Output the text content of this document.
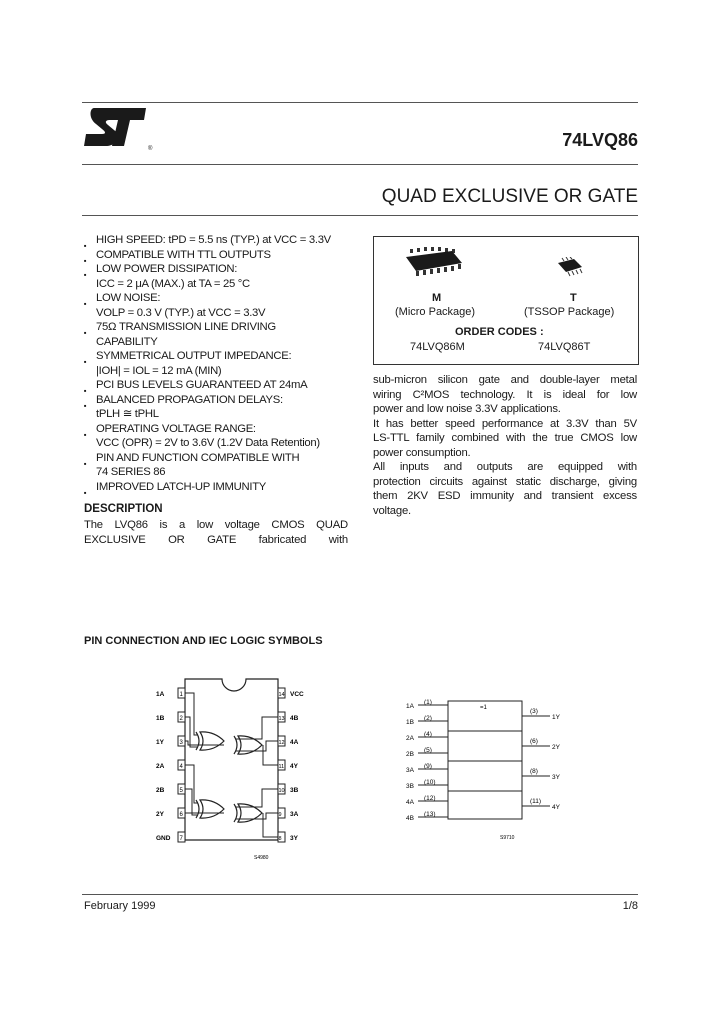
®	74LVQ86
QUAD EXCLUSIVE OR GATE
■ HIGH SPEED: tPD = 5.5 ns (TYP.) at VCC = 3.3V
■ COMPATIBLE WITH TTL OUTPUTS
■ LOW POWER DISSIPATION:
ICC = 2 μA (MAX.) at TA = 25 °C
■ LOW NOISE:
VOLP = 0.3 V (TYP.) at VCC = 3.3V
■ 75Ω TRANSMISSION LINE DRIVING
CAPABILITY
■ SYMMETRICAL OUTPUT IMPEDANCE:
|IOH| = IOL = 12 mA (MIN)
■ PCI BUS LEVELS GUARANTEED AT 24mA
■ BALANCED PROPAGATION DELAYS:
tPLH ≅ tPHL
■ OPERATING VOLTAGE RANGE:
VCC (OPR) = 2V to 3.6V (1.2V Data Retention)
■ PIN AND FUNCTION COMPATIBLE WITH
74 SERIES 86
■ IMPROVED LATCH-UP IMMUNITY
DESCRIPTION
The LVQ86 is a low voltage CMOS QUAD
EXCLUSIVE OR GATE fabricated with
M
(Micro Package)
T
(TSSOP Package)
ORDER CODES :
74LVQ86M	74LVQ86T
sub-micron silicon gate and double-layer metal
wiring C²MOS technology. It is ideal for low
power and low noise 3.3V applications.
It has better speed performance at 3.3V than 5V
LS-TTL family combined with the true CMOS low
power consumption.
All inputs and outputs are equipped with
protection circuits against static discharge, giving
them 2KV ESD immunity and transient excess
voltage.
PIN CONNECTION AND IEC LOGIC SYMBOLS
1A	1
1B	2
1Y	3
2A	4
2B	5
2Y	6
GND 7
14 VCC
13 4B
12 4A
11 4Y
10 3B
9 3A
8 3Y
S4980
1A
(1)
1B
(2)
2A
(4)
2B
(5)
3A
(9)
3B
(10)
4A
(12)
4B
(13)
(3)
1Y
(6)
2Y
(8)
3Y
(11)
4Y
=1
S9710
February 1999	1/8
